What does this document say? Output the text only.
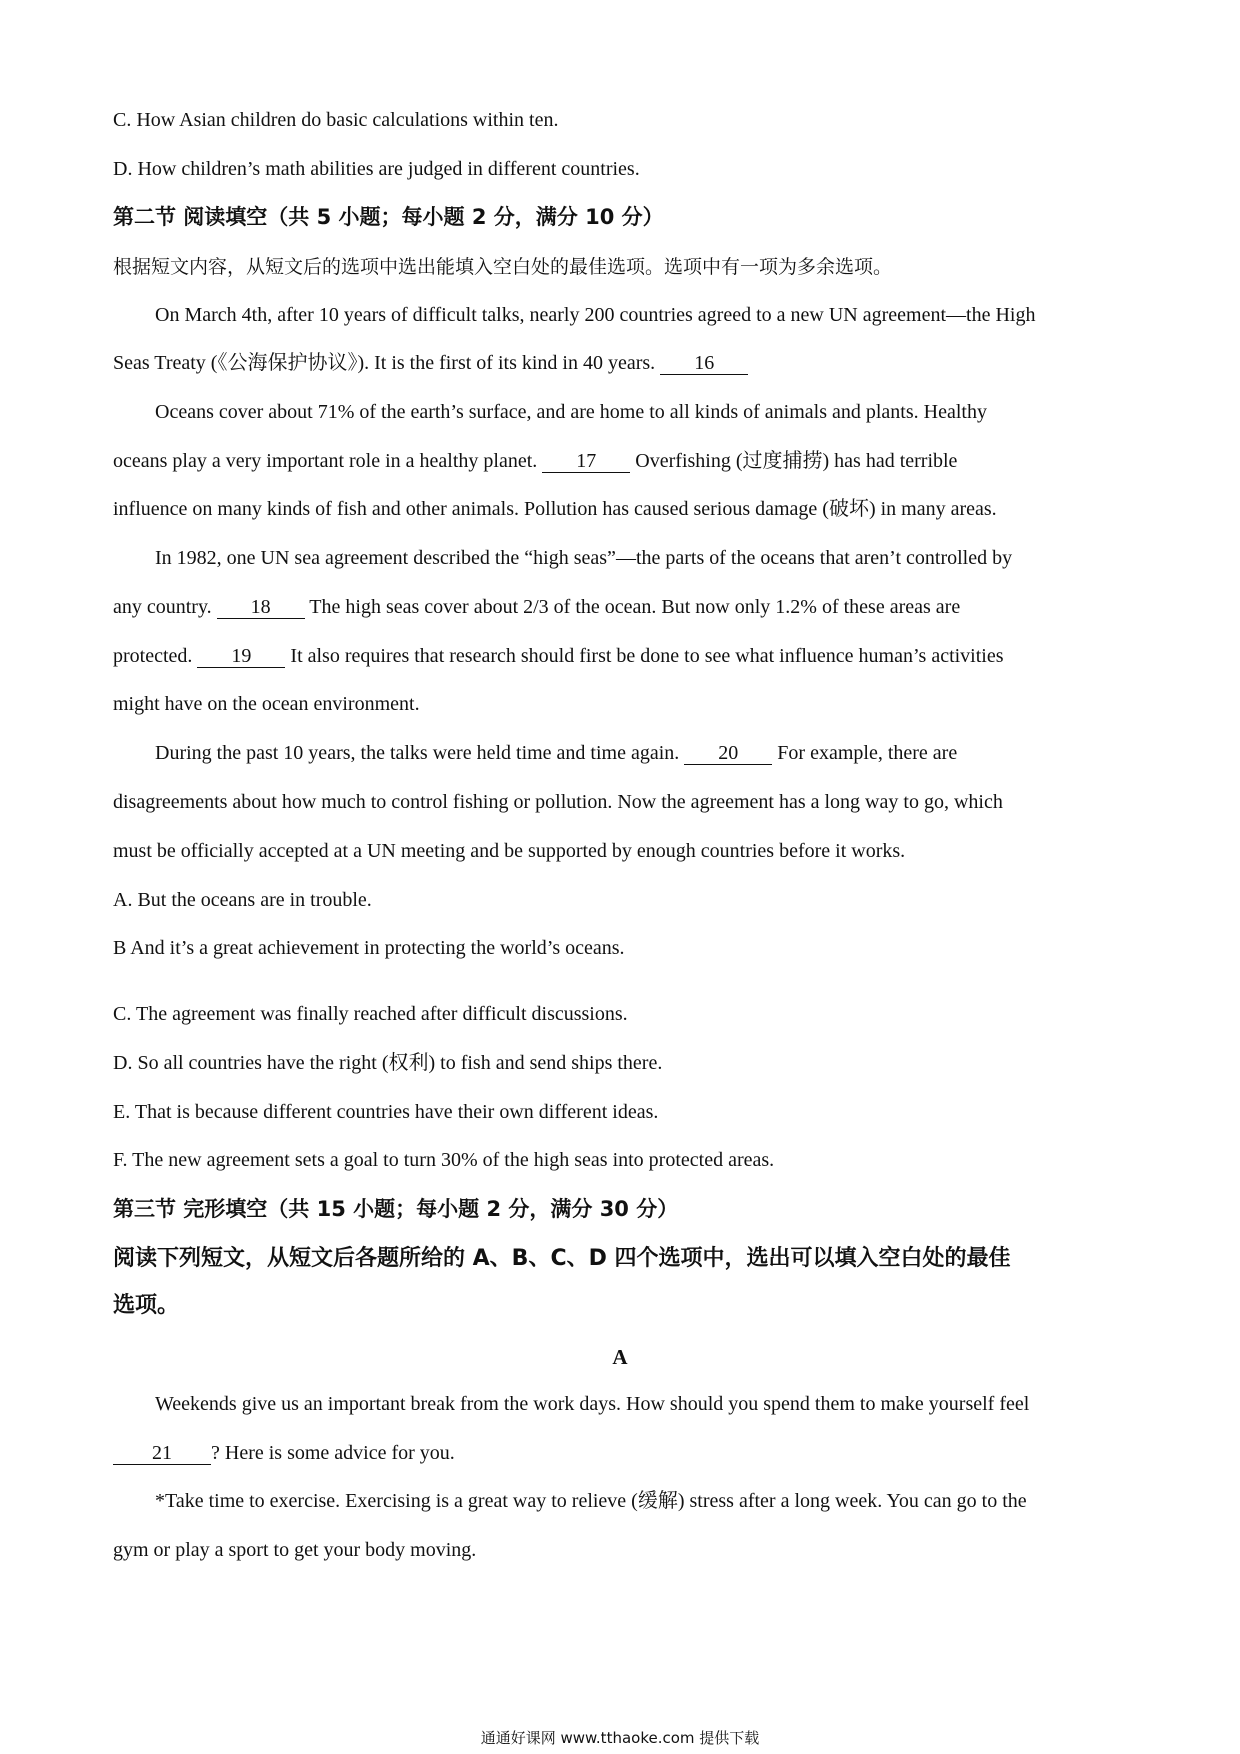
C. How Asian children do basic calculations within ten.
D. How children’s math abilities are judged in different countries.
第二节 阅读填空（共 5 小题；每小题 2 分，满分 10 分）
根据短文内容，从短文后的选项中选出能填入空白处的最佳选项。选项中有一项为多余选项。
On March 4th, after 10 years of difficult talks, nearly 200 countries agreed to a new UN agreement—the High
Seas Treaty (《公海保护协议》). It is the first of its kind in 40 years. 16
Oceans cover about 71% of the earth’s surface, and are home to all kinds of animals and plants. Healthy
oceans play a very important role in a healthy planet. 17 Overfishing (过度捕捞) has had terrible
influence on many kinds of fish and other animals. Pollution has caused serious damage (破坏) in many areas.
In 1982, one UN sea agreement described the “high seas”—the parts of the oceans that aren’t controlled by
any country. 18 The high seas cover about 2/3 of the ocean. But now only 1.2% of these areas are
protected. 19 It also requires that research should first be done to see what influence human’s activities
might have on the ocean environment.
During the past 10 years, the talks were held time and time again. 20 For example, there are
disagreements about how much to control fishing or pollution. Now the agreement has a long way to go, which
must be officially accepted at a UN meeting and be supported by enough countries before it works.
A. But the oceans are in trouble.
B And it’s a great achievement in protecting the world’s oceans.
C. The agreement was finally reached after difficult discussions.
D. So all countries have the right (权利) to fish and send ships there.
E. That is because different countries have their own different ideas.
F. The new agreement sets a goal to turn 30% of the high seas into protected areas.
第三节 完形填空（共 15 小题；每小题 2 分，满分 30 分）
阅读下列短文，从短文后各题所给的 A、B、C、D 四个选项中，选出可以填入空白处的最佳
选项。
A
Weekends give us an important break from the work days. How should you spend them to make yourself feel
21 ? Here is some advice for you.
*Take time to exercise. Exercising is a great way to relieve (缓解) stress after a long week. You can go to the
gym or play a sport to get your body moving.
通通好课网 www.tthaoke.com 提供下载
